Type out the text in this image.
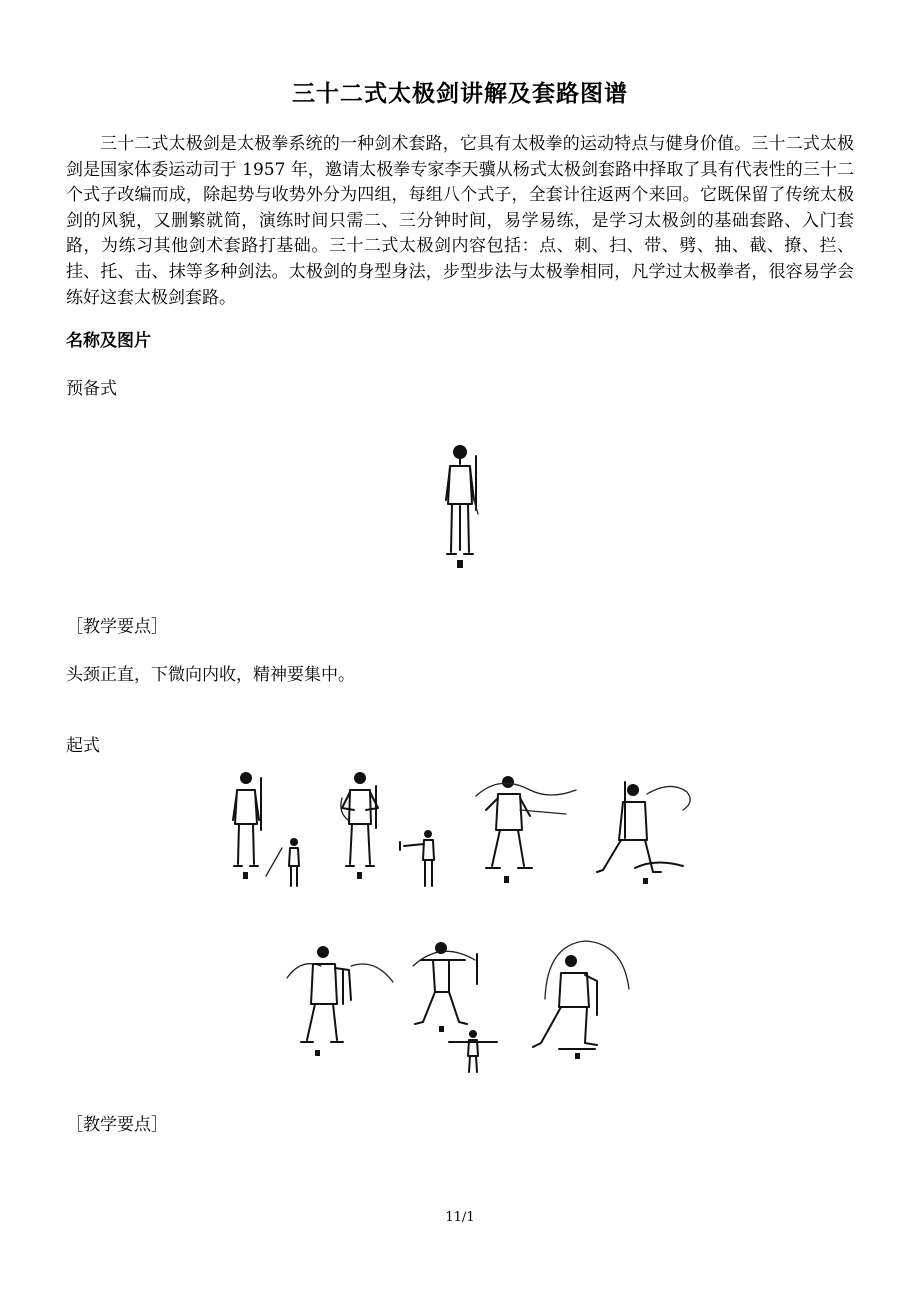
三十二式太极剑讲解及套路图谱

三十二式太极剑是太极拳系统的一种剑术套路，它具有太极拳的运动特点与健身价值。三十二式太极剑是国家体委运动司于 1957 年，邀请太极拳专家李天骥从杨式太极剑套路中择取了具有代表性的三十二个式子改编而成，除起势与收势外分为四组，每组八个式子，全套计往返两个来回。它既保留了传统太极剑的风貌，又删繁就简，演练时间只需二、三分钟时间，易学易练，是学习太极剑的基础套路、入门套路，为练习其他剑术套路打基础。三十二式太极剑内容包括：点、刺、扫、带、劈、抽、截、撩、拦、挂、托、击、抹等多种剑法。太极剑的身型身法，步型步法与太极拳相同，凡学过太极拳者，很容易学会练好这套太极剑套路。

名称及图片
预备式
［教学要点］
头颈正直，下微向内收，精神要集中。
起式
［教学要点］
11/1
